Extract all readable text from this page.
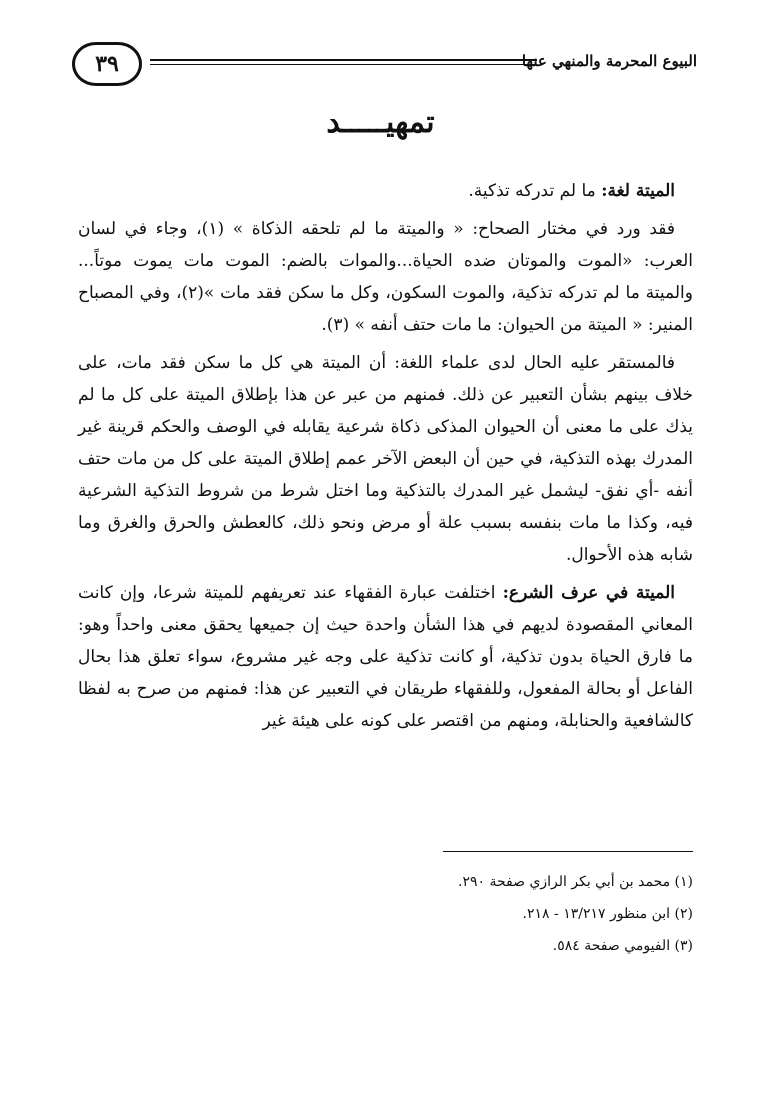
٣٩	البيوع المحرمة والمنهي عنها
تمهيـــــد

الميتة لغة: ما لم تدركه تذكية.

فقد ورد في مختار الصحاح: « والميتة ما لم تلحقه الذكاة » (١)، وجاء في لسان العرب: «الموت والموتان ضده الحياة...والموات بالضم: الموت مات يموت موتاً... والميتة ما لم تدركه تذكية، والموت السكون، وكل ما سكن فقد مات »(٢)، وفي المصباح المنير: « الميتة من الحيوان: ما مات حتف أنفه » (٣).

فالمستقر عليه الحال لدى علماء اللغة: أن الميتة هي كل ما سكن فقد مات، على خلاف بينهم بشأن التعبير عن ذلك. فمنهم من عبر عن هذا بإطلاق الميتة على كل ما لم يذك على ما معنى أن الحيوان المذكى ذكاة شرعية يقابله في الوصف والحكم قرينة غير المدرك بهذه التذكية، في حين أن البعض الآخر عمم إطلاق الميتة على كل من مات حتف أنفه -أي نفق- ليشمل غير المدرك بالتذكية وما اختل شرط من شروط التذكية الشرعية فيه، وكذا ما مات بنفسه بسبب علة أو مرض ونحو ذلك، كالعطش والحرق والغرق وما شابه هذه الأحوال.

الميتة في عرف الشرع: اختلفت عبارة الفقهاء عند تعريفهم للميتة شرعا، وإن كانت المعاني المقصودة لديهم في هذا الشأن واحدة حيث إن جميعها يحقق معنى واحداً وهو: ما فارق الحياة بدون تذكية، أو كانت تذكية على وجه غير مشروع، سواء تعلق هذا بحال الفاعل أو بحالة المفعول، وللفقهاء طريقان في التعبير عن هذا: فمنهم من صرح به لفظا كالشافعية والحنابلة، ومنهم من اقتصر على كونه على هيئة غير

(١) محمد بن أبي بكر الرازي صفحة ٢٩٠.
(٢) ابن منظور ١٣/٢١٧ - ٢١٨.
(٣) الفيومي صفحة ٥٨٤.
